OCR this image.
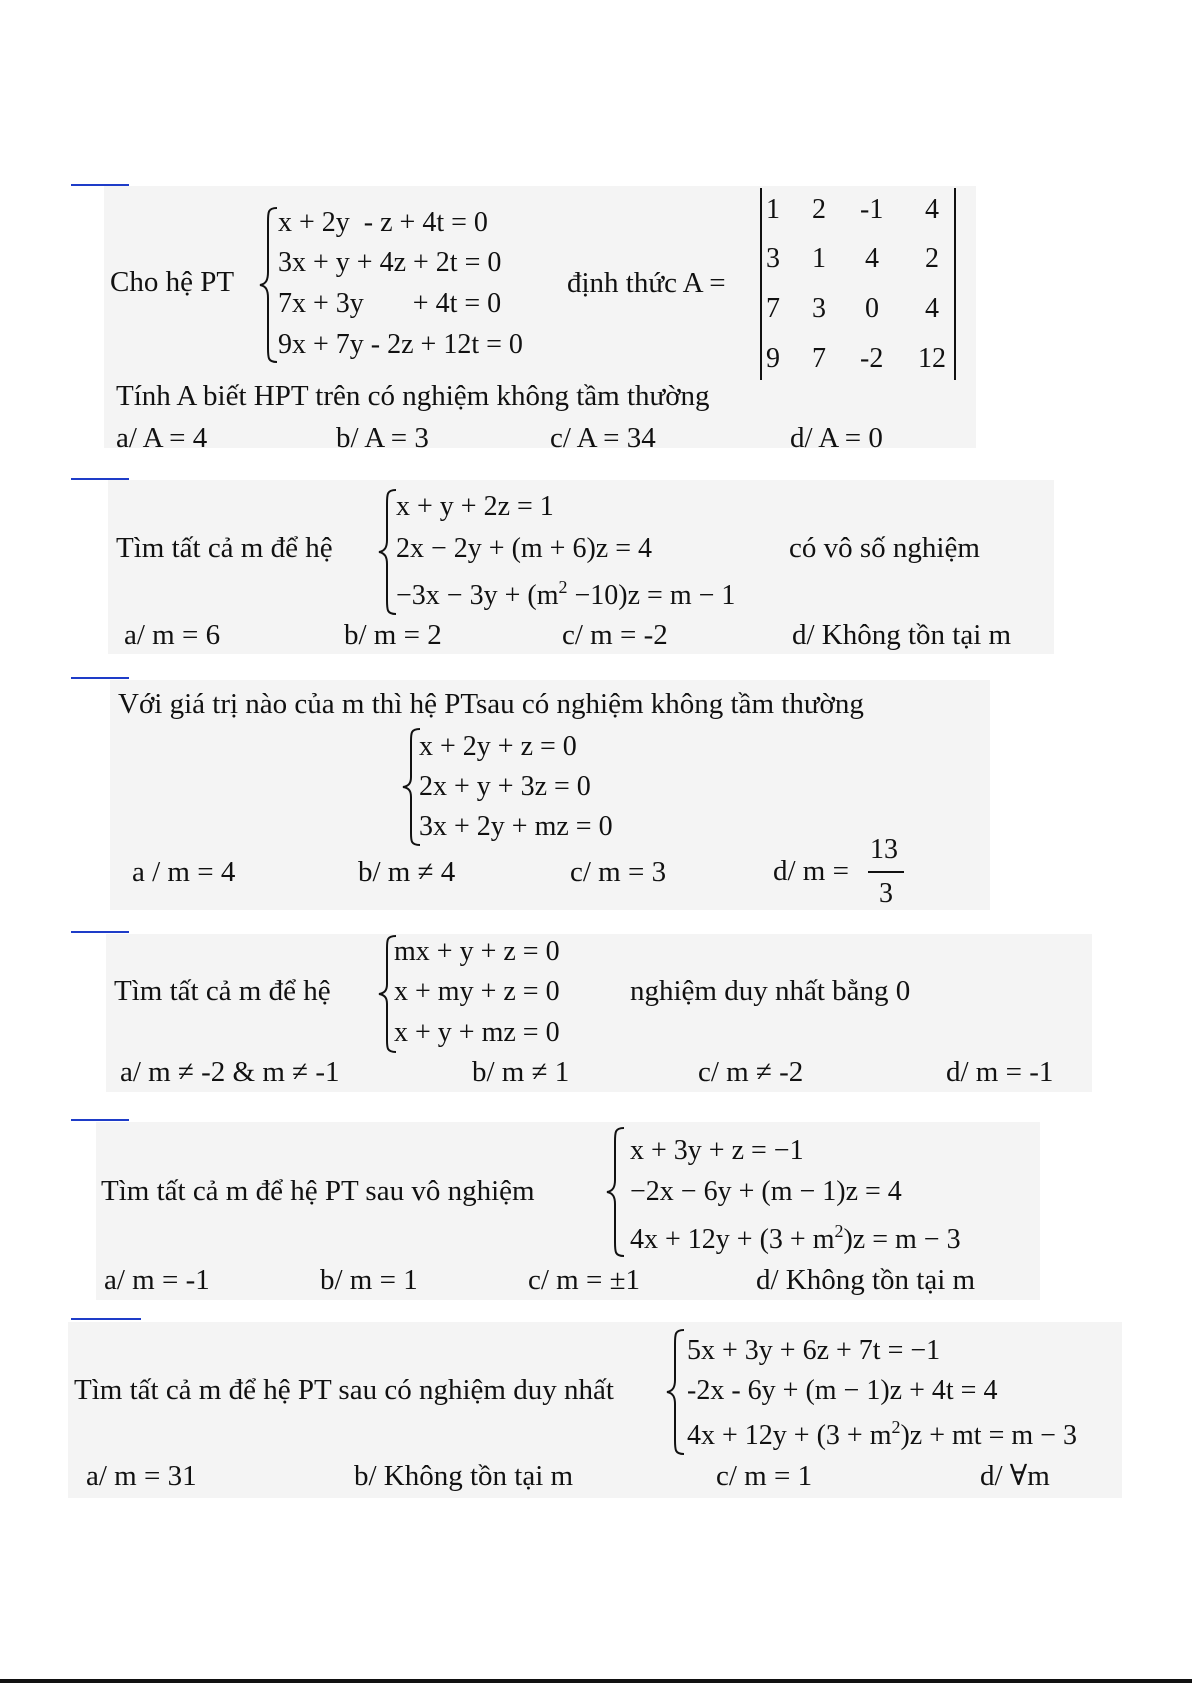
Cho hệ PT
x + 2y  - z + 4t = 0
3x + y + 4z + 2t = 0
7x + 3y       + 4t = 0
9x + 7y - 2z + 12t = 0
định thức A =
1 2 -1 4
3 1 4 2
7 3 0 4
9 7 -2 12
Tính A biết HPT trên có nghiệm không tầm thường
a/ A = 4	b/ A = 3	c/ A = 34	d/ A = 0
Tìm tất cả m để hệ
x + y + 2z = 1
2x − 2y + (m + 6)z = 4
$-3x - 3y + (m^2 -10)z = m - 1$
có vô số nghiệm
a/ m = 6	b/ m = 2	c/ m = -2	d/ Không tồn tại m
Với giá trị nào của m thì hệ PTsau có nghiệm không tầm thường
x + 2y + z = 0
2x + y + 3z = 0
3x + 2y + mz = 0
a / m = 4	b/ m ≠ 4	c/ m = 3	d/ m =
13
3
Tìm tất cả m để hệ
mx + y + z = 0
x + my + z = 0
x + y + mz = 0
nghiệm duy nhất bằng 0
a/ m ≠ -2 & m ≠ -1	b/ m ≠ 1	c/ m ≠ -2	d/ m = -1
Tìm tất cả m để hệ PT sau vô nghiệm
x + 3y + z = −1
−2x − 6y + (m − 1)z = 4
$4x + 12y + (3 + m^2)z = m - 3$
a/ m = -1	b/ m = 1	c/ m = ±1	d/ Không tồn tại m
Tìm tất cả m để hệ PT sau có nghiệm duy nhất
5x + 3y + 6z + 7t = −1
-2x - 6y + (m − 1)z + 4t = 4
$4x + 12y + (3 + m^2)z$ + mt = m − 3
a/ m = 31	b/ Không tồn tại m	c/ m = 1	d/ ∀m
